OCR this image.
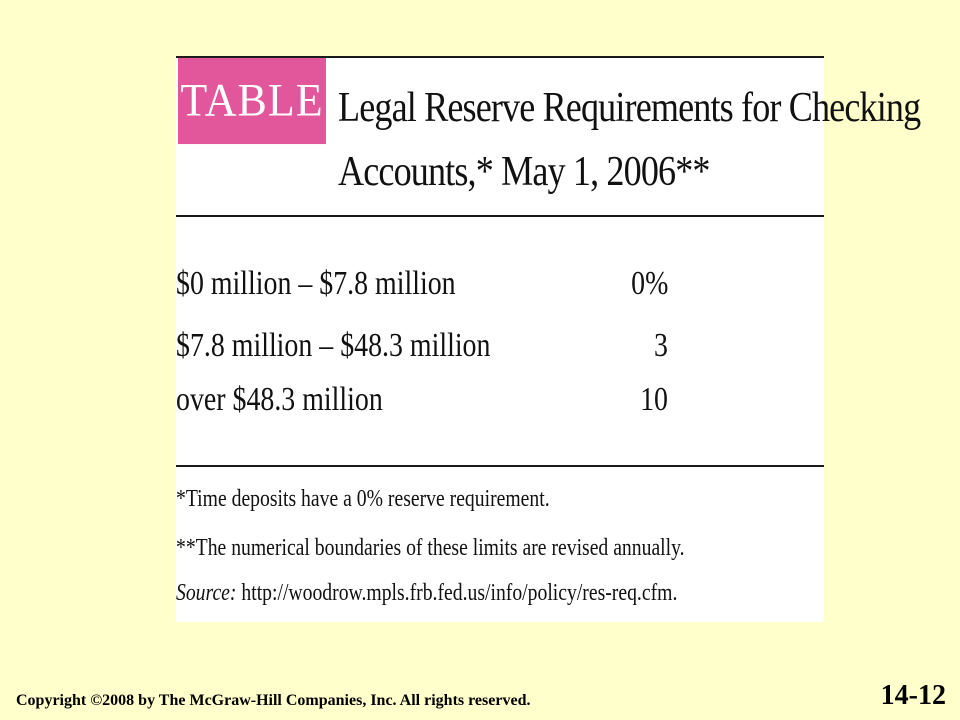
TABLE 1
Legal Reserve Requirements for Checking
Accounts,* May 1, 2006**
$0 million – $7.8 million	0%
$7.8 million – $48.3 million	3
over $48.3 million	10
*Time deposits have a 0% reserve requirement.
**The numerical boundaries of these limits are revised annually.
Source: http://woodrow.mpls.frb.fed.us/info/policy/res-req.cfm.
Copyright ©2008 by The McGraw-Hill Companies, Inc. All rights reserved.	14-12
